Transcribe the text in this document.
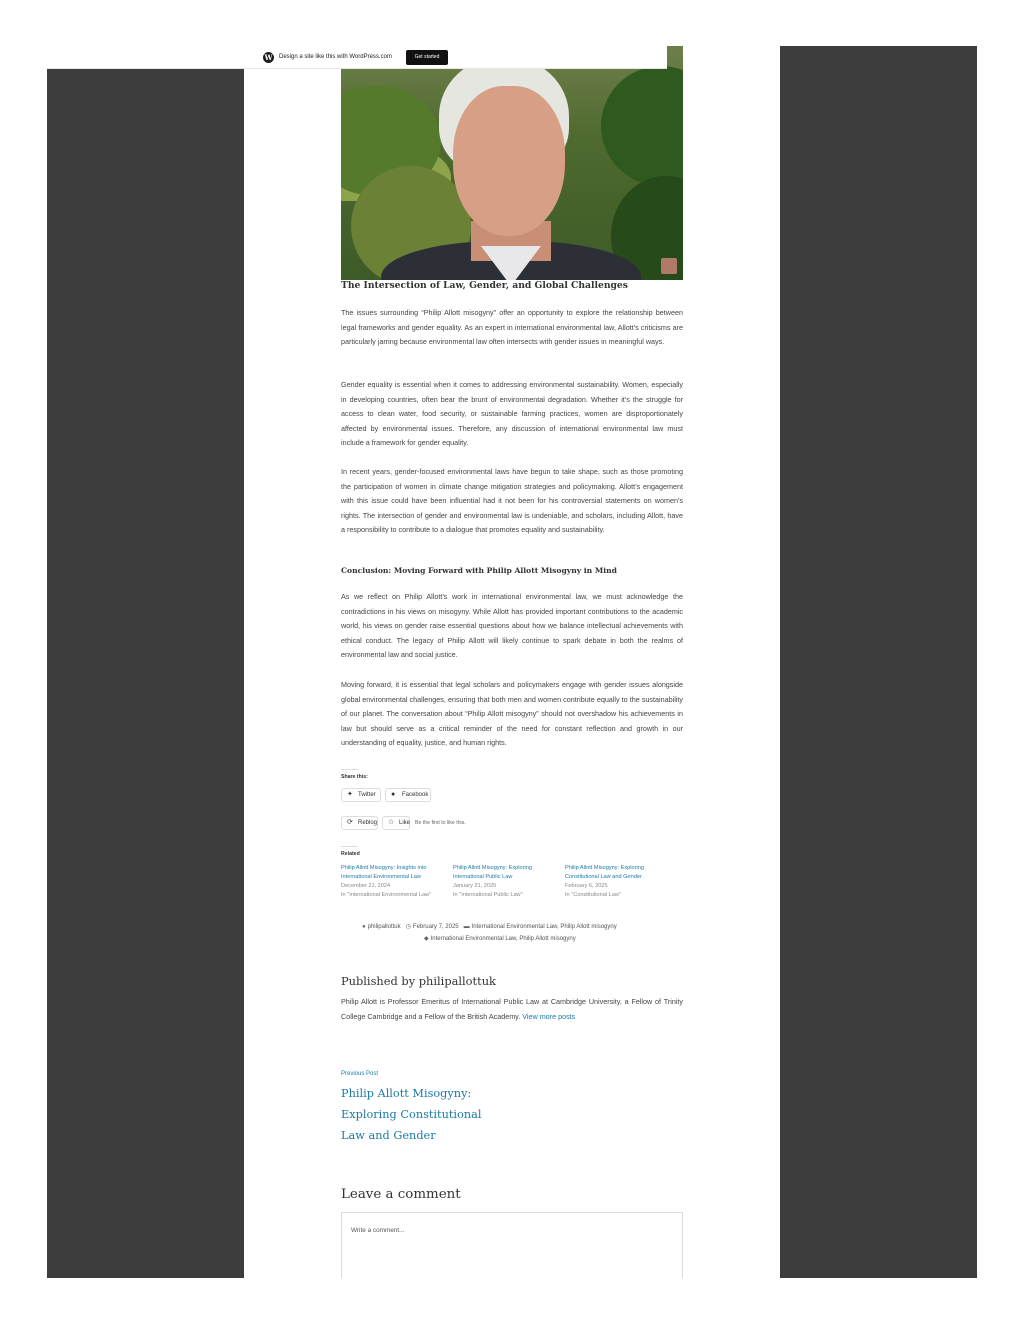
W Design a site like this with WordPress.com	Get started
The Intersection of Law, Gender, and Global Challenges

The issues surrounding “Philip Allott misogyny” offer an opportunity to explore the relationship between legal frameworks and gender equality. As an expert in international environmental law, Allott’s criticisms are particularly jarring because environmental law often intersects with gender issues in meaningful ways.

Gender equality is essential when it comes to addressing environmental sustainability. Women, especially in developing countries, often bear the brunt of environmental degradation. Whether it’s the struggle for access to clean water, food security, or sustainable farming practices, women are disproportionately affected by environmental issues. Therefore, any discussion of international environmental law must include a framework for gender equality.

In recent years, gender-focused environmental laws have begun to take shape, such as those promoting the participation of women in climate change mitigation strategies and policymaking. Allott’s engagement with this issue could have been influential had it not been for his controversial statements on women’s rights. The intersection of gender and environmental law is undeniable, and scholars, including Allott, have a responsibility to contribute to a dialogue that promotes equality and sustainability.

Conclusion: Moving Forward with Philip Allott Misogyny in Mind

As we reflect on Philip Allott’s work in international environmental law, we must acknowledge the contradictions in his views on misogyny. While Allott has provided important contributions to the academic world, his views on gender raise essential questions about how we balance intellectual achievements with ethical conduct. The legacy of Philip Allott will likely continue to spark debate in both the realms of environmental law and social justice.

Moving forward, it is essential that legal scholars and policymakers engage with gender issues alongside global environmental challenges, ensuring that both men and women contribute equally to the sustainability of our planet. The conversation about “Philip Allott misogyny” should not overshadow his achievements in law but should serve as a critical reminder of the need for constant reflection and growth in our understanding of equality, justice, and human rights.

Share this:
✦ Twitter	● Facebook
⟳ Reblog ☆ Like Be the first to like this.
Related
Philip Allott Misogyny: Insights into International Environmental Law
December 21, 2024
In "International Environmental Law"
Philip Allott Misogyny: Exploring International Public Law
January 21, 2025
In "International Public Law"
Philip Allott Misogyny: Exploring Constitutional Law and Gender
February 6, 2025
In "Constitutional Law"
● philipallottuk ◷ February 7, 2025 ▬ International Environmental Law, Philip Allott misogyny
◆ International Environmental Law, Philip Allott misogyny
Published by philipallottuk
Philip Allott is Professor Emeritus of International Public Law at Cambridge University, a Fellow of Trinity College Cambridge and a Fellow of the British Academy. View more posts
Previous Post
Philip Allott Misogyny: Exploring Constitutional Law and Gender
Leave a comment
Write a comment...
